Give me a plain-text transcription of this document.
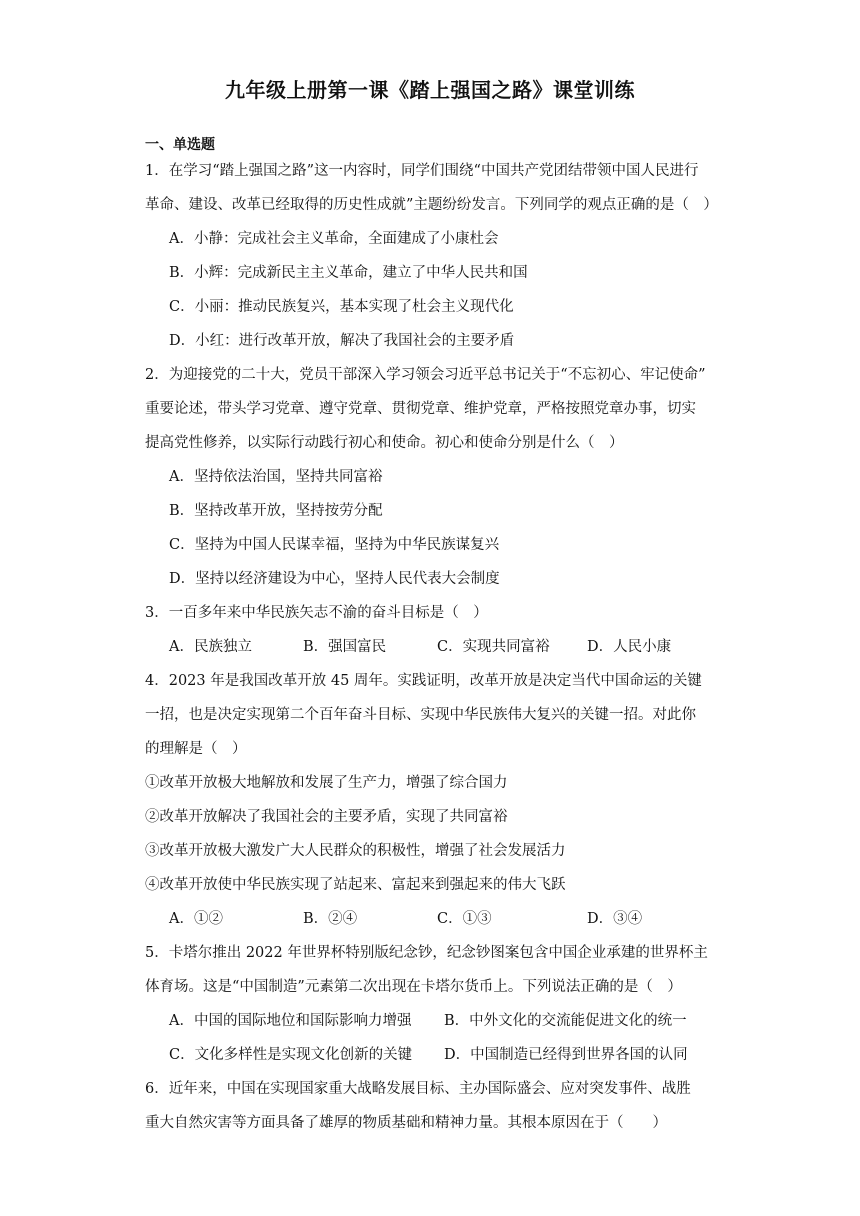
九年级上册第一课《踏上强国之路》课堂训练
一、单选题
1．在学习“踏上强国之路”这一内容时，同学们围绕“中国共产党团结带领中国人民进行
革命、建设、改革已经取得的历史性成就”主题纷纷发言。下列同学的观点正确的是（　）
A．小静：完成社会主义革命，全面建成了小康杜会
B．小辉：完成新民主主义革命，建立了中华人民共和国
C．小丽：推动民族复兴，基本实现了杜会主义现代化
D．小红：进行改革开放，解决了我国社会的主要矛盾
2．为迎接党的二十大，党员干部深入学习领会习近平总书记关于“不忘初心、牢记使命”
重要论述，带头学习党章、遵守党章、贯彻党章、维护党章，严格按照党章办事，切实
提高党性修养，以实际行动践行初心和使命。初心和使命分别是什么（　）
A．坚持依法治国，坚持共同富裕
B．坚持改革开放，坚持按劳分配
C．坚持为中国人民谋幸福，坚持为中华民族谋复兴
D．坚持以经济建设为中心，坚持人民代表大会制度
3．一百多年来中华民族矢志不渝的奋斗目标是（　）
A．民族独立	B．强国富民	C．实现共同富裕	D．人民小康
4．2023 年是我国改革开放 45 周年。实践证明，改革开放是决定当代中国命运的关键
一招，也是决定实现第二个百年奋斗目标、实现中华民族伟大复兴的关键一招。对此你
的理解是（　）
①改革开放极大地解放和发展了生产力，增强了综合国力
②改革开放解决了我国社会的主要矛盾，实现了共同富裕
③改革开放极大激发广大人民群众的积极性，增强了社会发展活力
④改革开放使中华民族实现了站起来、富起来到强起来的伟大飞跃
A．①②	B．②④	C．①③	D．③④
5．卡塔尔推出 2022 年世界杯特别版纪念钞，纪念钞图案包含中国企业承建的世界杯主
体育场。这是“中国制造”元素第二次出现在卡塔尔货币上。下列说法正确的是（　）
A．中国的国际地位和国际影响力增强	B．中外文化的交流能促进文化的统一
C．文化多样性是实现文化创新的关键	D．中国制造已经得到世界各国的认同
6．近年来，中国在实现国家重大战略发展目标、主办国际盛会、应对突发事件、战胜
重大自然灾害等方面具备了雄厚的物质基础和精神力量。其根本原因在于（　　）
